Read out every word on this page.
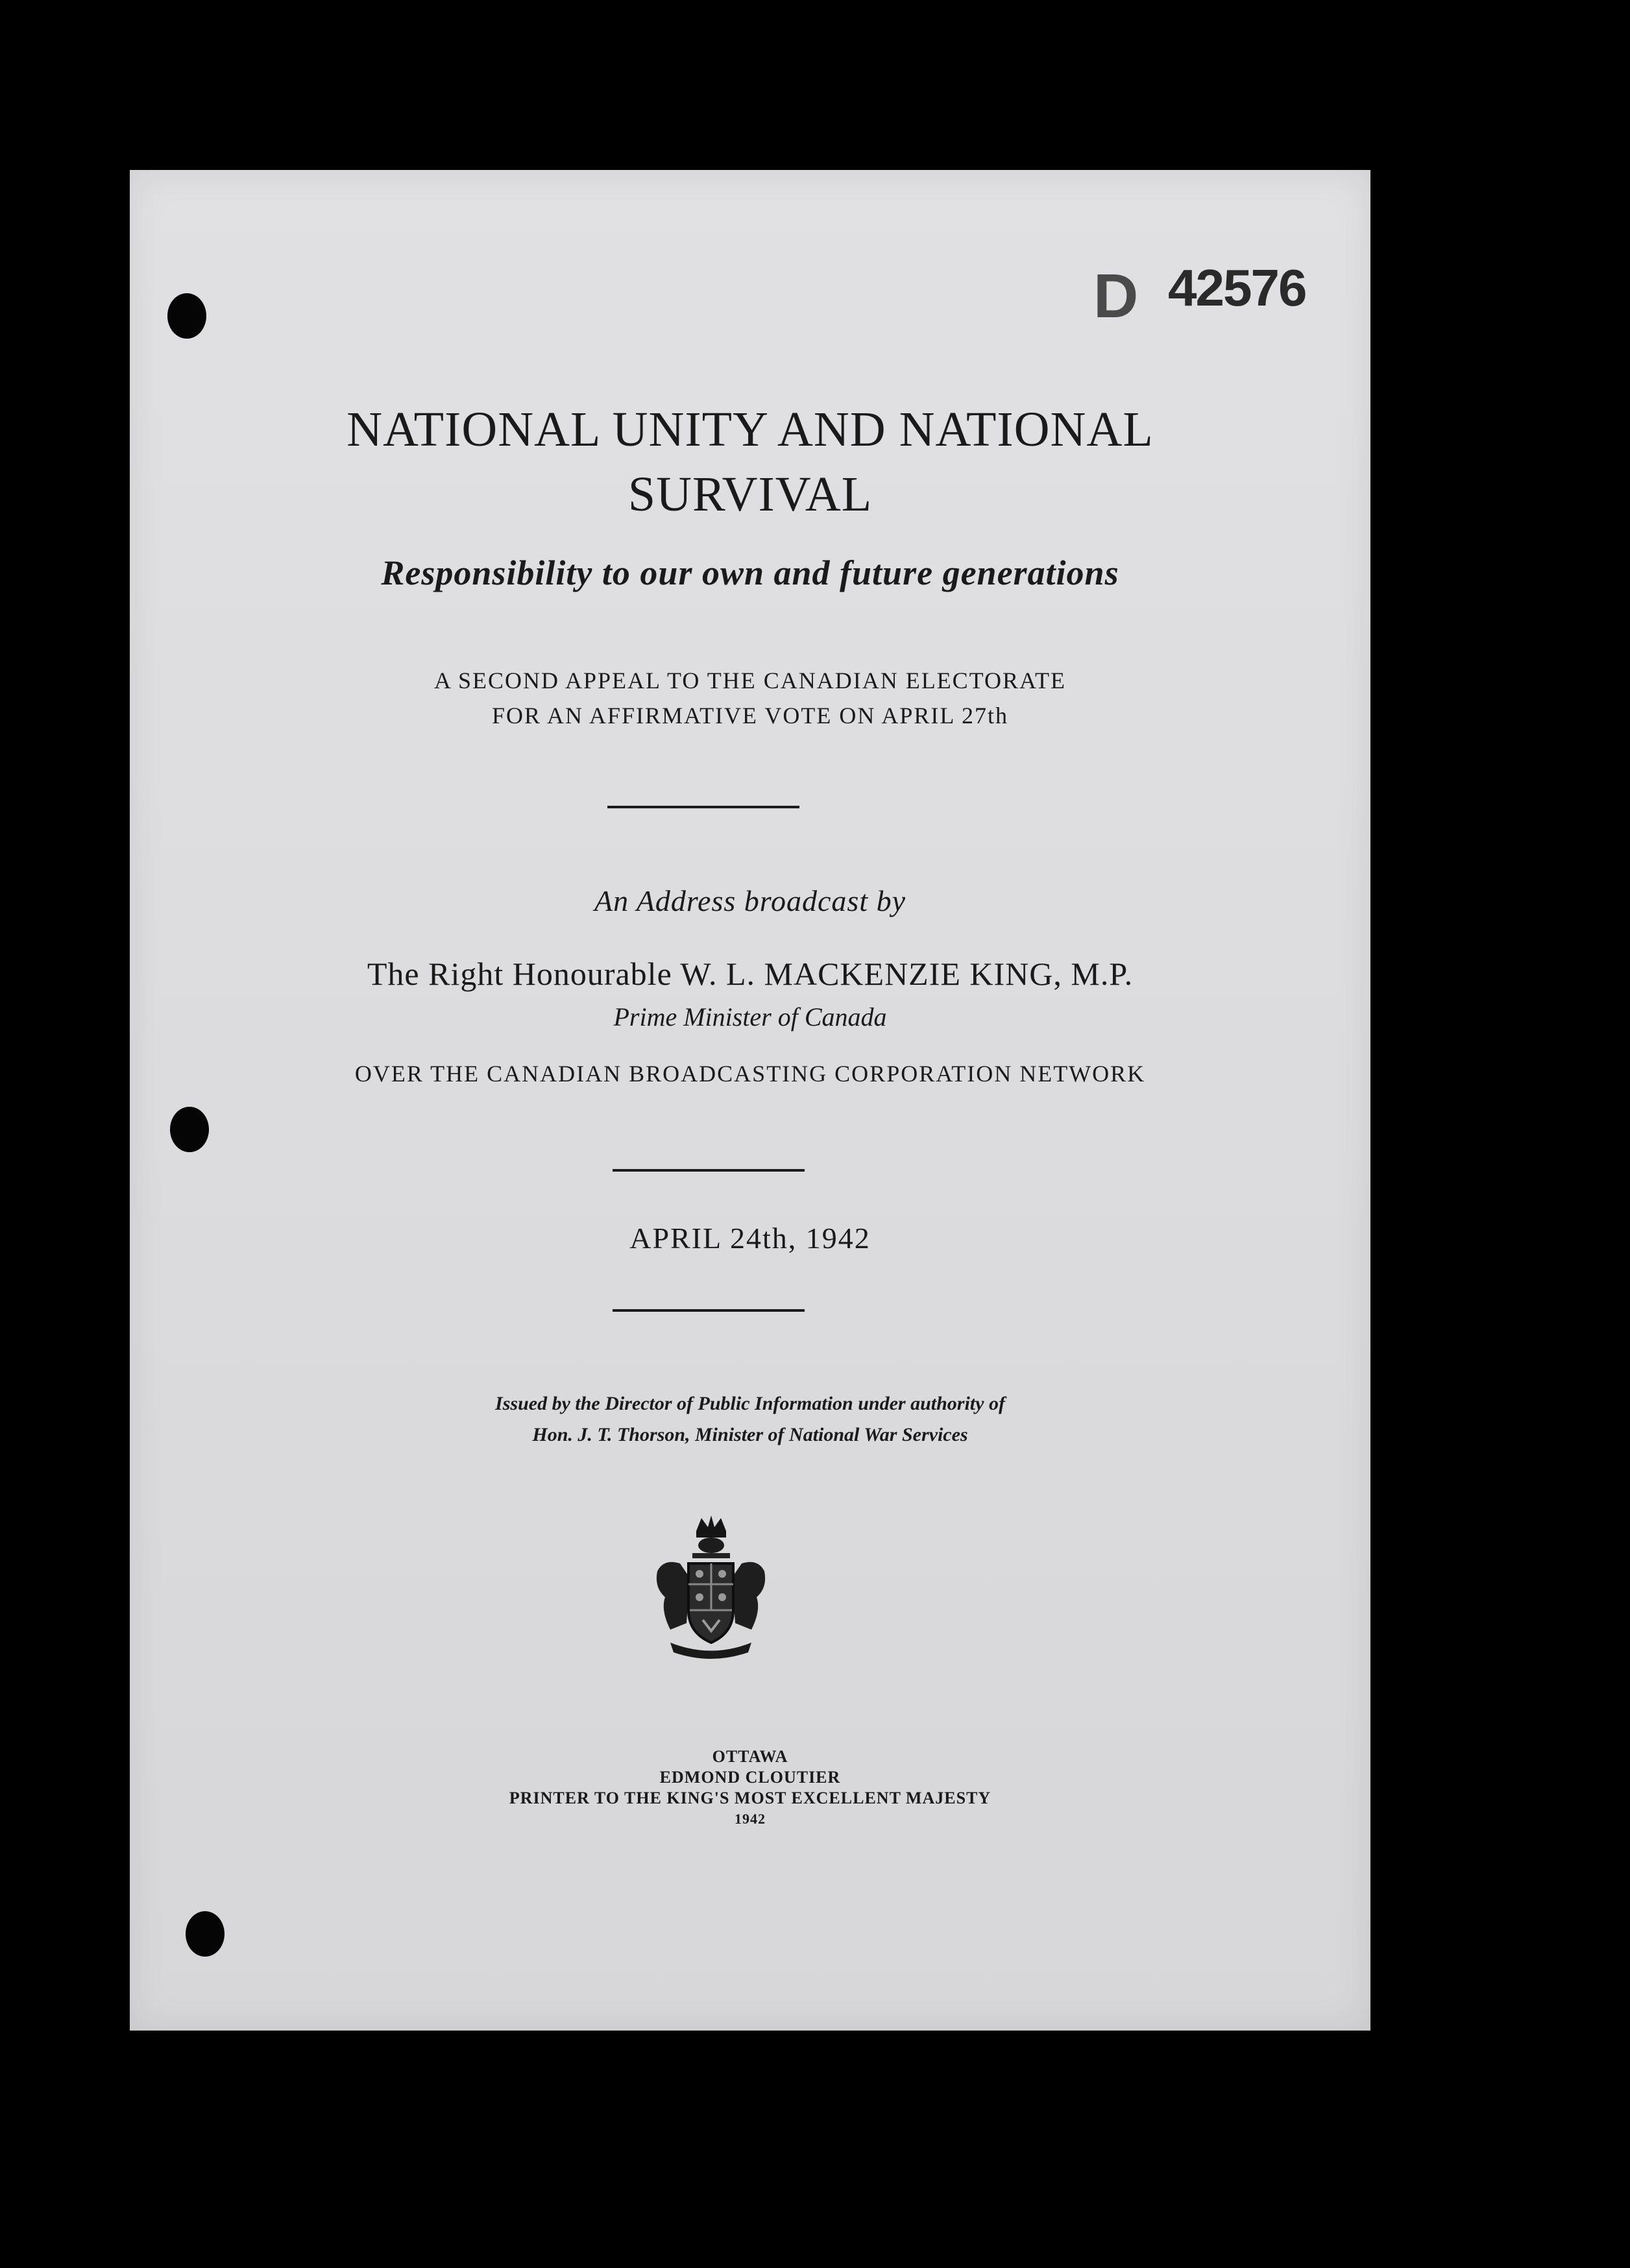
D 42576
NATIONAL UNITY AND NATIONAL
SURVIVAL
Responsibility to our own and future generations
A SECOND APPEAL TO THE CANADIAN ELECTORATE
FOR AN AFFIRMATIVE VOTE ON APRIL 27th
An Address broadcast by
The Right Honourable W. L. MACKENZIE KING, M.P.
Prime Minister of Canada
OVER THE CANADIAN BROADCASTING CORPORATION NETWORK
APRIL 24th, 1942
Issued by the Director of Public Information under authority of
Hon. J. T. Thorson, Minister of National War Services
OTTAWA
EDMOND CLOUTIER
PRINTER TO THE KING'S MOST EXCELLENT MAJESTY
1942
